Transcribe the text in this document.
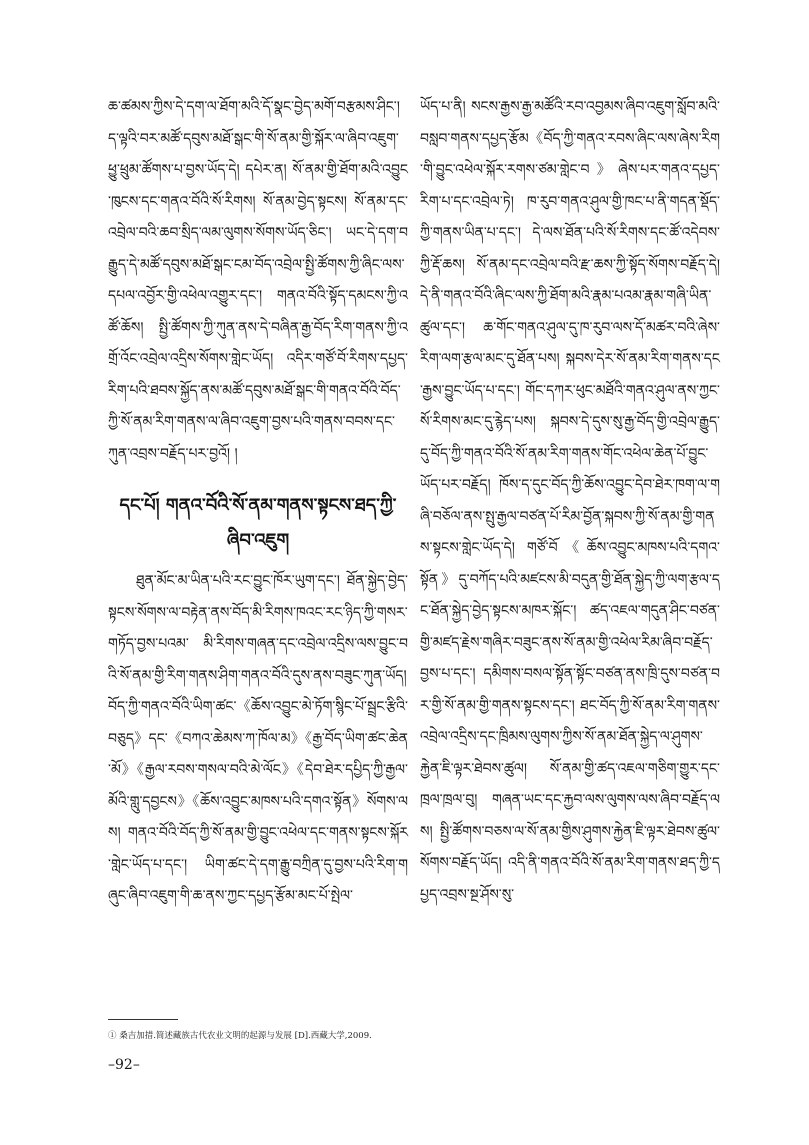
ཆ་ཚམས་ཀྱིས་དེ་དག་ལ་ཐོག་མའི་དོ་སྣང་བྱེད་མགོ་བརྩམས་ཤིང་། ད་ལྟའི་བར་མཚོ་དབུས་མཐོ་སྒང་གི་སོ་ནམ་གྱི་སྐོར་ལ་ཞིབ་འཇུག་ཕྱུ་ཕྲུམ་ཚོགས་པ་བྱས་ཡོད་དེ། དཔེར་ན། སོ་ནམ་གྱི་ཐོག་མའི་འབྱུང་ཁུངས་དང་གནའ་བོའི་སོ་རིགས། སོ་ནམ་བྱེད་སྟངས། སོ་ནམ་དང་འབྲེལ་བའི་ཆབ་སྲིད་ལམ་ལུགས་སོགས་ཡོད་ཅིང་། ཡང་དེ་དག་བརྒྱུད་དེ་མཚོ་དབུས་མཐོ་སྒང་ངམ་བོད་འབྲེལ་སྤྱི་ཚོགས་ཀྱི་ཞིང་ལས་དཔལ་འབྱོར་གྱི་འཕེལ་འགྱུར་དང་། གནའ་བོའི་སྟོད་དམངས་ཀྱི་འཚོ་ཆོས། སྤྱི་ཚོགས་ཀྱི་ཀུན་ནས་དེ་བཞིན་རྒྱ་བོད་རིག་གནས་ཀྱི་འགྲོ་འོང་འབྲེལ་འདྲིས་སོགས་གླེང་ཡོད། འདིར་གཙོ་བོ་རིགས་དཔྱད་རིག་པའི་ཐབས་སྐྱོད་ནས་མཚོ་དབུས་མཐོ་སྒང་གི་གནའ་བོའི་བོད་ཀྱི་སོ་ནམ་རིག་གནས་ལ་ཞིབ་འཇུག་བྱས་པའི་གནས་བབས་དང་ཀུན་འབྲས་བརྗོད་པར་བྱའོ། །

དང་པོ། གནའ་བོའི་སོ་ནམ་གནས་སྟངས་ཐད་ཀྱི་ཞིབ་འཇུག

ཐུན་མོང་མ་ཡིན་པའི་རང་བྱུང་ཁོར་ཡུག་དང་། ཐོན་སྐྱེད་བྱེད་སྟངས་སོགས་ལ་བརྟེན་ནས་བོད་མི་རིགས་ཁའང་རང་ཉིད་ཀྱི་གསར་གཏོད་བྱས་པའམ་ མི་རིགས་གཞན་དང་འབྲེལ་འདྲིས་ལས་བྱུང་བའི་སོ་ནམ་གྱི་རིག་གནས་ཤིག་གནའ་བོའི་དུས་ནས་བཟུང་ཀུན་ཡོད། བོད་ཀྱི་གནའ་བོའི་ཡིག་ཚང་《ཆོས་འབྱུང་མེ་ཏོག་སྙིང་པོ་སྦྲང་རྩིའི་བཅུད》དང་《བཀའ་ཆེམས་ཀ་ཁོལ་མ》《རྒྱ་བོད་ཡིག་ཚང་ཆེན་མོ》《རྒྱལ་རབས་གསལ་བའི་མེ་ལོང》《དེབ་ཐེར་དཔྱིད་ཀྱི་རྒྱལ་མོའི་གླུ་དབྱངས》《ཆོས་འབྱུང་མཁས་པའི་དགའ་སྟོན》སོགས་ལས། གནའ་བོའི་བོད་ཀྱི་སོ་ནམ་གྱི་བྱུང་འཕེལ་དང་གནས་སྟངས་སྐོར་གླེང་ཡོད་པ་དང་། ཡིག་ཚང་དེ་དག་རྒྱུ་བཀྲིན་དུ་བྱས་པའི་རིག་གཞུང་ཞིབ་འཇུག་གི་ཆ་ནས་ཀྱང་དཔྱད་རྩོམ་མང་པོ་སྤེལ་

ཡོད་པ་ནི། སངས་རྒྱས་རྒྱ་མཚོའི་རབ་འབྱམས་ཞིབ་འཇུག་སློབ་མའི་བསླབ་གནས་དཔྱད་རྩོམ《བོད་ཀྱི་གནའ་རབས་ཞིང་ལས་ཞེས་རིག་གི་བྱུང་འཕེལ་སྐོར་རགས་ཙམ་གླེང་བ》ཞེས་པར་གནའ་དཔྱད་རིག་པ་དང་འབྲེལ་ཏེ། ཁ་རུབ་གནའ་ཤུལ་གྱི་ཁང་པ་ནི་གདན་སྡོད་ཀྱི་གནས་ཡིན་པ་དང་། དེ་ལས་ཐོན་པའི་སོ་རིགས་དང་ཚོ་འདེབས་ཀྱི་རྡོ་ཆས། སོ་ནམ་དང་འབྲེལ་བའི་རྫ་ཆས་ཀྱི་སྟོད་སོགས་བརྗོད་དེ། དེ་ནི་གནའ་བོའི་ཞིང་ལས་ཀྱི་ཐོག་མའི་རྣམ་པའམ་རྣམ་གཞི་ཡིན་ཚུལ་དང་། ཆ་གོང་གནའ་ཤུལ་དུ་ཁ་རུབ་ལས་དོ་མཚར་བའི་ཞེས་རིག་ལག་རྩལ་མང་དུ་ཐོན་པས། སྐབས་དེར་སོ་ནམ་རིག་གནས་དང་རྒྱས་བྱུང་ཡོད་པ་དང་། གོང་དཀར་ཕུང་མཐོའི་གནའ་ཤུལ་ནས་ཀྱང་སོ་རིགས་མང་དུ་རྙེད་པས། སྐབས་དེ་དུས་སུ་རྒྱ་བོད་གྱི་འབྲེལ་རྒྱུད་དུ་བོད་ཀྱི་གནའ་བོའི་སོ་ནམ་རིག་གནས་གོང་འཕེལ་ཆེན་པོ་བྱུང་ཡོད་པར་བརྗོད། ཁོས་ད་དུང་བོད་ཀྱི་ཆོས་འབྱུང་དེབ་ཐེར་ཁག་ལ་གཞི་བཅོལ་ནས་སྤུ་རྒྱལ་བཙན་པོ་རིམ་བྱོན་སྐབས་ཀྱི་སོ་ནམ་གྱི་གནས་སྟངས་གླེང་ཡོད་དེ། གཙོ་བོ《ཆོས་འབྱུང་མཁས་པའི་དགའ་སྟོན》དུ་བཀོད་པའི་མཛངས་མི་བདུན་གྱི་ཐོན་སྐྱེད་ཀྱི་ལག་རྩལ་དང་ཐོན་སྐྱེད་བྱེད་སྟངས་མཁར་སྐོང་། ཚད་འཇལ་གདུན་ཤིང་བཙན་གྱི་མཛད་རྗེས་གཞིར་བཟུང་ནས་སོ་ནམ་གྱི་འཕེལ་རིམ་ཞིབ་བརྗོད་བྱས་པ་དང་། དམིགས་བསལ་སྟོན་སྟོང་བཙན་ནས་ཁྲི་དུས་བཙན་བར་གྱི་སོ་ནམ་གྱི་གནས་སྟངས་དང་། ཐང་བོད་ཀྱི་སོ་ནམ་རིག་གནས་འབྲེལ་འདྲིས་དང་ཁྲིམས་ལུགས་ཀྱིས་སོ་ནམ་ཐོན་སྐྱེད་ལ་ཤུགས་རྐྱེན་ཇི་ལྟར་ཐེབས་ཚུལ། སོ་ནམ་གྱི་ཚད་འཇལ་གཅིག་གྱུར་དང་ཁྲལ་ཁྲལ་བུ། གཞན་ཡང་དང་རྐྱབ་ལས་ལུགས་ལས་ཞིབ་བརྗོད་ལས། སྤྱི་ཚོགས་བཅས་ལ་སོ་ནམ་གྱིས་ཤུགས་རྐྱེན་ཇི་ལྟར་ཐེབས་ཚུལ་སོགས་བརྗོད་ཡོད། འདི་ནི་གནའ་བོའི་སོ་ནམ་རིག་གནས་ཐད་ཀྱི་དཔྱད་འབྲས་སྔ་ཤོས་སུ་

① 桑吉加措.简述藏族古代农业文明的起源与发展 [D].西藏大学,2009.
–92–
